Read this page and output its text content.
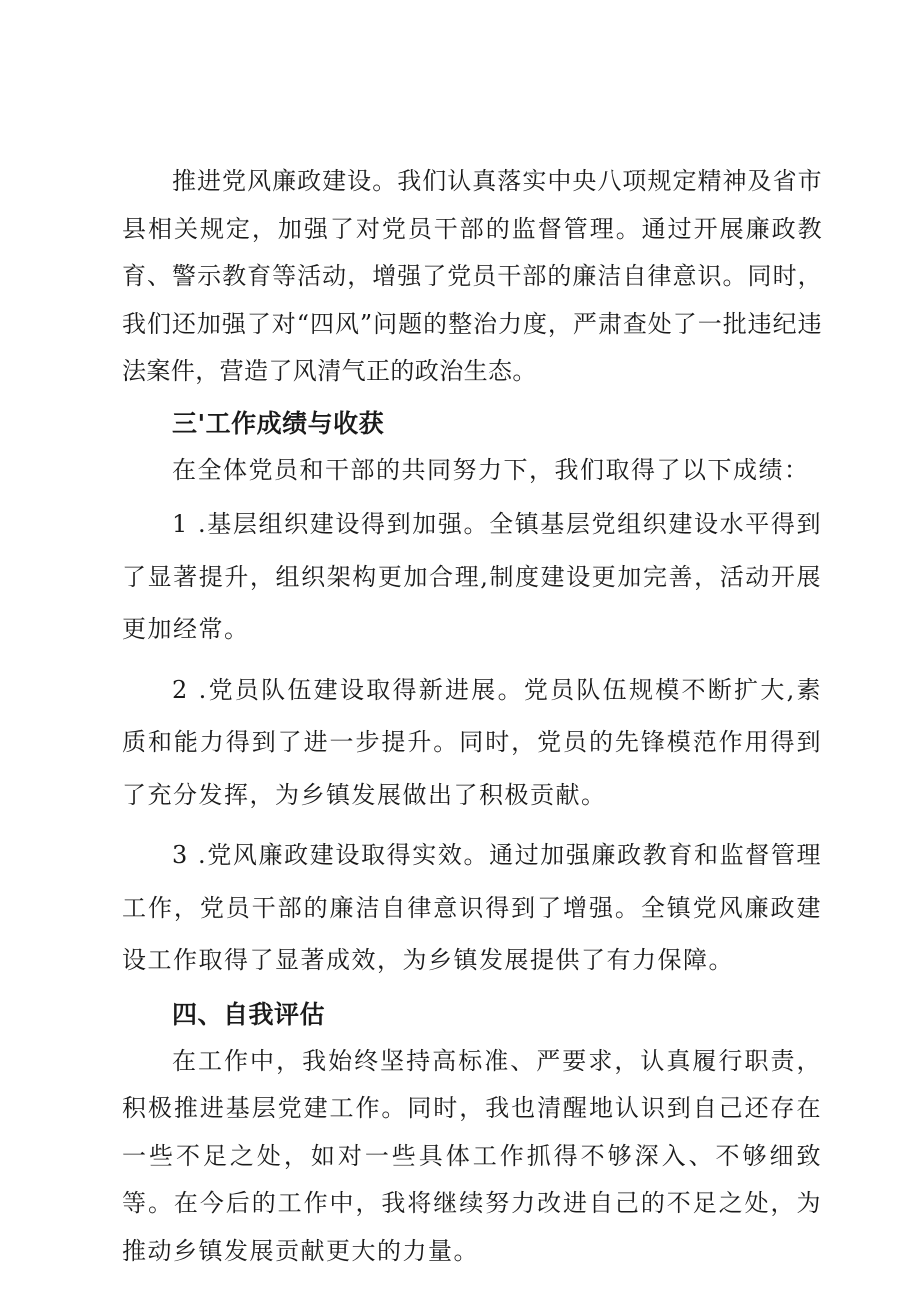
推进党风廉政建设。我们认真落实中央八项规定精神及省市县相关规定，加强了对党员干部的监督管理。通过开展廉政教育、警示教育等活动，增强了党员干部的廉洁自律意识。同时，我们还加强了对“四风”问题的整治力度，严肃查处了一批违纪违法案件，营造了风清气正的政治生态。

三'工作成绩与收获

在全体党员和干部的共同努力下，我们取得了以下成绩：

1 .基层组织建设得到加强。全镇基层党组织建设水平得到了显著提升，组织架构更加合理,制度建设更加完善，活动开展更加经常。

2 .党员队伍建设取得新进展。党员队伍规模不断扩大,素质和能力得到了进一步提升。同时，党员的先锋模范作用得到了充分发挥，为乡镇发展做出了积极贡献。

3 .党风廉政建设取得实效。通过加强廉政教育和监督管理工作，党员干部的廉洁自律意识得到了增强。全镇党风廉政建设工作取得了显著成效，为乡镇发展提供了有力保障。

四、自我评估

在工作中，我始终坚持高标准、严要求，认真履行职责，积极推进基层党建工作。同时，我也清醒地认识到自己还存在一些不足之处，如对一些具体工作抓得不够深入、不够细致等。在今后的工作中，我将继续努力改进自己的不足之处，为推动乡镇发展贡献更大的力量。
